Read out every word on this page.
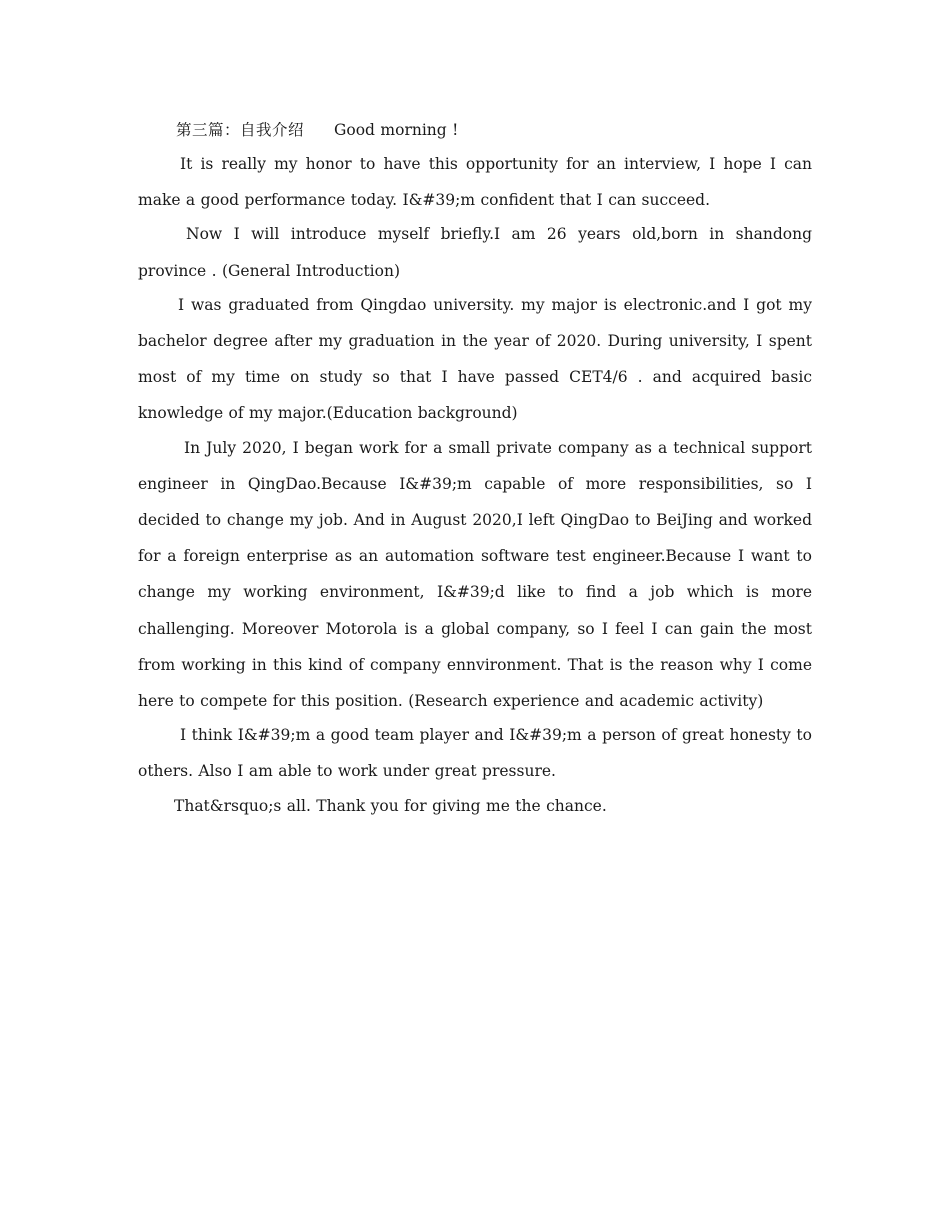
第三篇：自我介绍 Good morning !

It is really my honor to have this opportunity for an interview, I hope I can make a good performance today. I&#39;m confident that I can succeed.

Now I will introduce myself briefly.I am 26 years old,born in shandong province . (General Introduction)

I was graduated from Qingdao university. my major is electronic.and I got my bachelor degree after my graduation in the year of 2020. During university, I spent most of my time on study so that I have passed CET4/6 . and acquired basic knowledge of my major.(Education background)

In July 2020, I began work for a small private company as a technical support engineer in QingDao.Because I&#39;m capable of more responsibilities, so I decided to change my job. And in August 2020,I left QingDao to BeiJing and worked for a foreign enterprise as an automation software test engineer.Because I want to change my working environment, I&#39;d like to find a job which is more challenging. Moreover Motorola is a global company, so I feel I can gain the most from working in this kind of company ennvironment. That is the reason why I come here to compete for this position. (Research experience and academic activity)

I think I&#39;m a good team player and I&#39;m a person of great honesty to others. Also I am able to work under great pressure.

That&rsquo;s all. Thank you for giving me the chance.
